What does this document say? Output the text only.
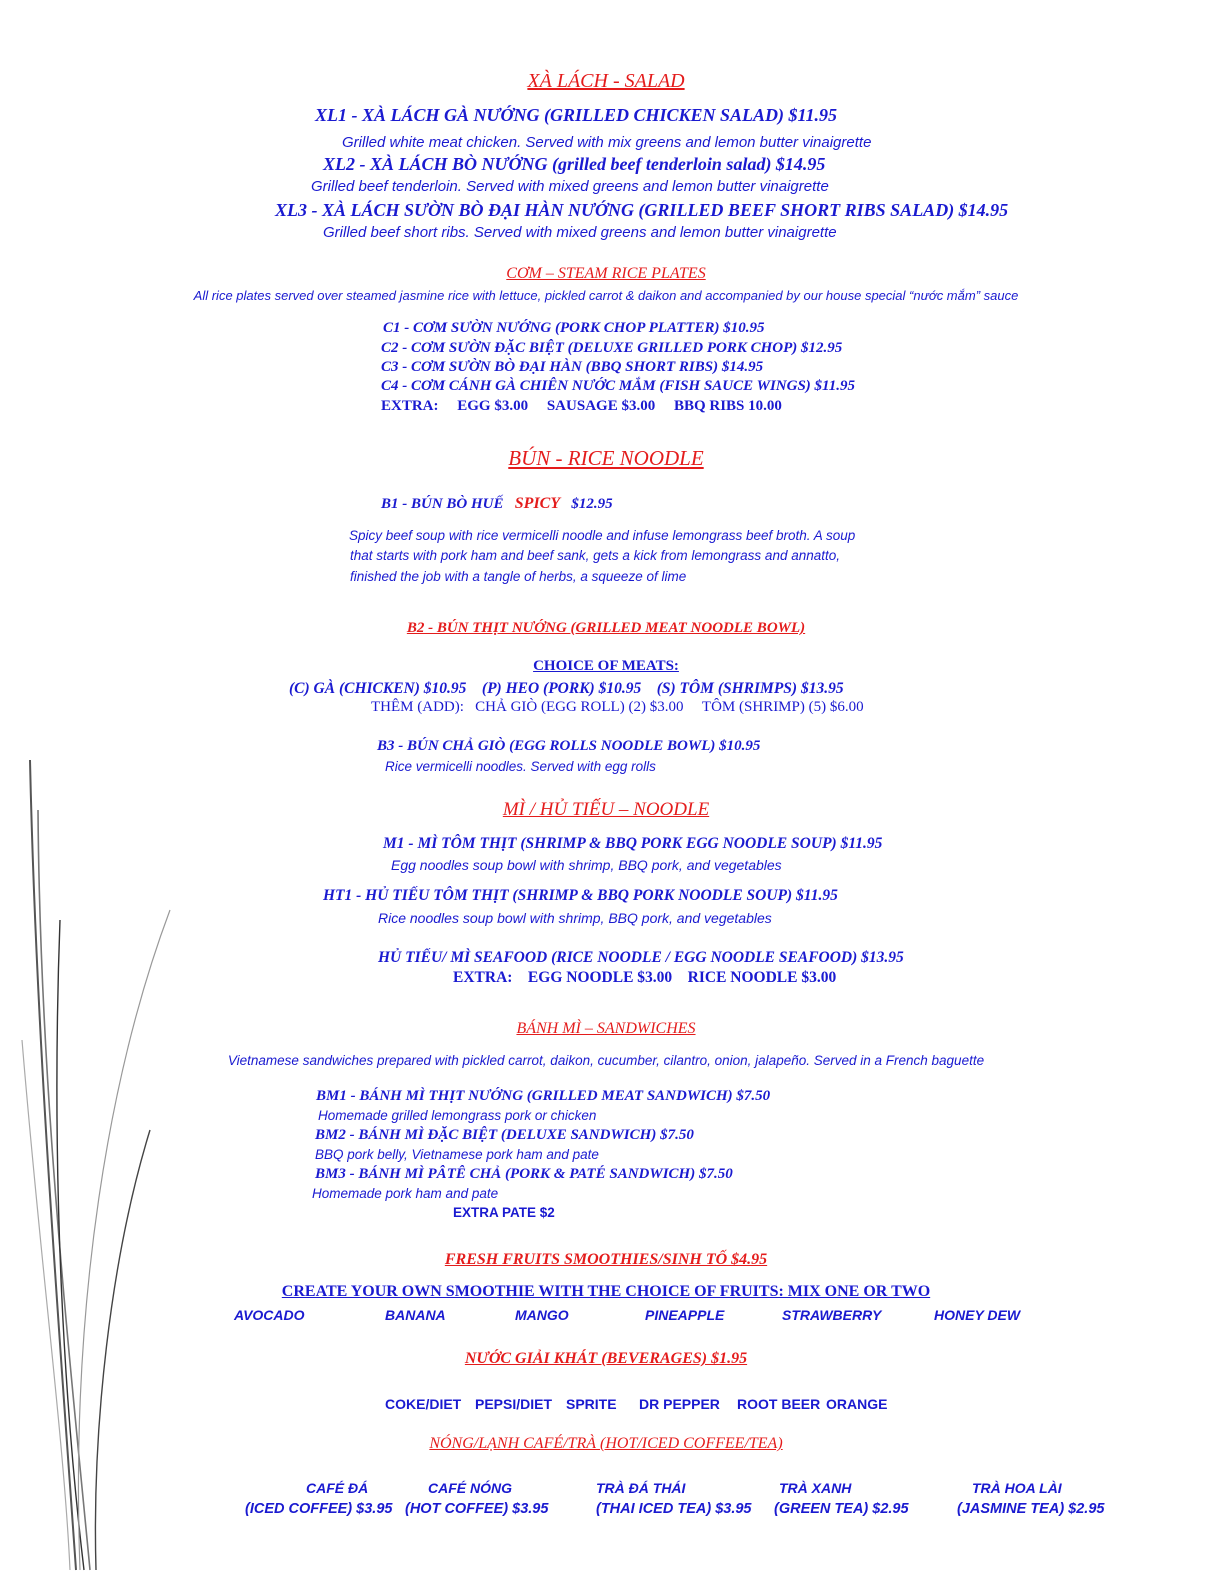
XÀ LÁCH - SALAD
XL1 - XÀ LÁCH GÀ NƯỚNG (GRILLED CHICKEN SALAD) $11.95
Grilled white meat chicken. Served with mix greens and lemon butter vinaigrette
XL2 - XÀ LÁCH BÒ NƯỚNG (grilled beef tenderloin salad) $14.95
Grilled beef tenderloin. Served with mixed greens and lemon butter vinaigrette
XL3 - XÀ LÁCH SƯỜN BÒ ĐẠI HÀN NƯỚNG (GRILLED BEEF SHORT RIBS SALAD) $14.95
Grilled beef short ribs. Served with mixed greens and lemon butter vinaigrette
CƠM – STEAM RICE PLATES
All rice plates served over steamed jasmine rice with lettuce, pickled carrot & daikon and accompanied by our house special “nước mắm” sauce
C1 - CƠM SƯỜN NƯỚNG (PORK CHOP PLATTER) $10.95
C2 - CƠM SƯỜN ĐẶC BIỆT (DELUXE GRILLED PORK CHOP) $12.95
C3 - CƠM SƯỜN BÒ ĐẠI HÀN (BBQ SHORT RIBS) $14.95
C4 - CƠM CÁNH GÀ CHIÊN NƯỚC MẮM (FISH SAUCE WINGS) $11.95
EXTRA:     EGG $3.00     SAUSAGE $3.00     BBQ RIBS 10.00
BÚN - RICE NOODLE
B1 - BÚN BÒ HUẾ SPICY $12.95
Spicy beef soup with rice vermicelli noodle and infuse lemongrass beef broth. A soup
that starts with pork ham and beef sank, gets a kick from lemongrass and annatto,
finished the job with a tangle of herbs, a squeeze of lime
B2 - BÚN THỊT NƯỚNG (GRILLED MEAT NOODLE BOWL)
CHOICE OF MEATS:
(C) GÀ (CHICKEN) $10.95    (P) HEO (PORK) $10.95    (S) TÔM (SHRIMPS) $13.95
THÊM (ADD):   CHẢ GIÒ (EGG ROLL) (2) $3.00     TÔM (SHRIMP) (5) $6.00
B3 - BÚN CHẢ GIÒ (EGG ROLLS NOODLE BOWL) $10.95
Rice vermicelli noodles. Served with egg rolls
MÌ / HỦ TIẾU – NOODLE
M1 - MÌ TÔM THỊT (SHRIMP & BBQ PORK EGG NOODLE SOUP) $11.95
Egg noodles soup bowl with shrimp, BBQ pork, and vegetables
HT1 - HỦ TIẾU TÔM THỊT (SHRIMP & BBQ PORK NOODLE SOUP) $11.95
Rice noodles soup bowl with shrimp, BBQ pork, and vegetables
HỦ TIẾU/ MÌ SEAFOOD (RICE NOODLE / EGG NOODLE SEAFOOD) $13.95
EXTRA:    EGG NOODLE $3.00    RICE NOODLE $3.00
BÁNH MÌ – SANDWICHES
Vietnamese sandwiches prepared with pickled carrot, daikon, cucumber, cilantro, onion, jalapeño. Served in a French baguette
BM1 - BÁNH MÌ THỊT NƯỚNG (GRILLED MEAT SANDWICH) $7.50
Homemade grilled lemongrass pork or chicken
BM2 - BÁNH MÌ ĐẶC BIỆT (DELUXE SANDWICH) $7.50
BBQ pork belly, Vietnamese pork ham and pate
BM3 - BÁNH MÌ PÂTÊ CHẢ (PORK & PATÉ SANDWICH) $7.50
Homemade pork ham and pate
EXTRA PATE $2
FRESH FRUITS SMOOTHIES/SINH TỐ $4.95
CREATE YOUR OWN SMOOTHIE WITH THE CHOICE OF FRUITS: MIX ONE OR TWO
AVOCADO	BANANA	MANGO	PINEAPPLE	STRAWBERRY	HONEY DEW
NƯỚC GIẢI KHÁT (BEVERAGES) $1.95
COKE/DIET PEPSI/DIET SPRITE DR PEPPER ROOT BEER ORANGE
NÓNG/LẠNH CAFÉ/TRÀ (HOT/ICED COFFEE/TEA)
CAFÉ ĐÁ
(ICED COFFEE) $3.95
CAFÉ NÓNG
(HOT COFFEE) $3.95
TRÀ ĐÁ THÁI
(THAI ICED TEA) $3.95
TRÀ XANH
(GREEN TEA) $2.95
TRÀ HOA LÀI
(JASMINE TEA) $2.95
